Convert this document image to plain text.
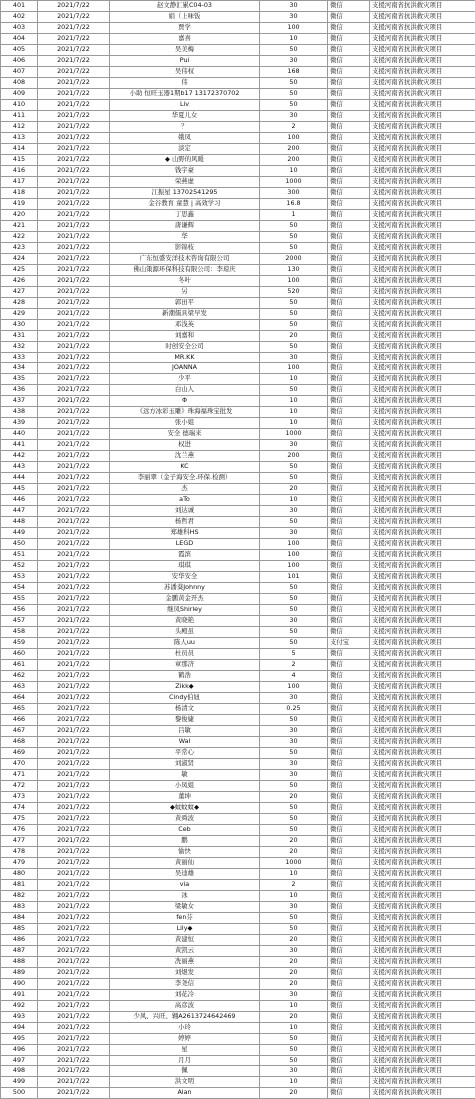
401	2021/7/22	赵文静汇累C04-03	30	微信	支援河南省抗洪救灾项目
402	2021/7/22	娟（上味钣	30	微信	支援河南省抗洪救灾项目
403	2021/7/22	贾学	100	微信	支援河南省抗洪救灾项目
404	2021/7/22	嘉喜	10	微信	支援河南省抗洪救灾项目
405	2021/7/22	吴美梅	50	微信	支援河南省抗洪救灾项目
406	2021/7/22	Pui	30	微信	支援河南省抗洪救灾项目
407	2021/7/22	吴伟权	168	微信	支援河南省抗洪救灾项目
408	2021/7/22	伟	50	微信	支援河南省抗洪救灾项目
409	2021/7/22	小助 恒旺玉器1期b17 13172370702	50	微信	支援河南省抗洪救灾项目
410	2021/7/22	Liv	50	微信	支援河南省抗洪救灾项目
411	2021/7/22	华夏儿女	30	微信	支援河南省抗洪救灾项目
412	2021/7/22	？	2	微信	支援河南省抗洪救灾项目
413	2021/7/22	娥凤	100	微信	支援河南省抗洪救灾项目
414	2021/7/22	淡定	200	微信	支援河南省抗洪救灾项目
415	2021/7/22	◆ 山野的风暖	200	微信	支援河南省抗洪救灾项目
416	2021/7/22	钱宇豪	10	微信	支援河南省抗洪救灾项目
417	2021/7/22	荣燕虚	1000	微信	支援河南省抗洪救灾项目
418	2021/7/22	江振星 13702541295	300	微信	支援河南省抗洪救灾项目
419	2021/7/22	金谷教育 童慧 | 高效学习	16.8	微信	支援河南省抗洪救灾项目
420	2021/7/22	丁思鑫	1	微信	支援河南省抗洪救灾项目
421	2021/7/22	唐谦辉	50	微信	支援河南省抗洪救灾项目
422	2021/7/22	华	50	微信	支援河南省抗洪救灾项目
423	2021/7/22	影锦枝	50	微信	支援河南省抗洪救灾项目
424	2021/7/22	广东恒盛安洋技术咨询有限公司	2000	微信	支援河南省抗洪救灾项目
425	2021/7/22	佛山策源环保科技有限公司：李琼庆	130	微信	支援河南省抗洪救灾项目
426	2021/7/22	冬叶	100	微信	支援河南省抗洪救灾项目
427	2021/7/22	另	520	微信	支援河南省抗洪救灾项目
428	2021/7/22	郭田平	50	微信	支援河南省抗洪救灾项目
429	2021/7/22	新潮儒具梁早发	50	微信	支援河南省抗洪救灾项目
430	2021/7/22	邓浅英	50	微信	支援河南省抗洪救灾项目
431	2021/7/22	刘嘉和	20	微信	支援河南省抗洪救灾项目
432	2021/7/22	时创安全公司	50	微信	支援河南省抗洪救灾项目
433	2021/7/22	MR.KK	30	微信	支援河南省抗洪救灾项目
434	2021/7/22	JOANNA	100	微信	支援河南省抗洪救灾项目
435	2021/7/22	少平	10	微信	支援河南省抗洪救灾项目
436	2021/7/22	白山人	50	微信	支援河南省抗洪救灾项目
437	2021/7/22	Φ	10	微信	支援河南省抗洪救灾项目
438	2021/7/22	《远方冰彩玉雕》珠海福珠宝批发	10	微信	支援河南省抗洪救灾项目
439	2021/7/22	张小姐	10	微信	支援河南省抗洪救灾项目
440	2021/7/22	安全 德瑞来	1000	微信	支援河南省抗洪救灾项目
441	2021/7/22	权进	30	微信	支援河南省抗洪救灾项目
442	2021/7/22	沈兰燕	200	微信	支援河南省抗洪救灾项目
443	2021/7/22	KC	50	微信	支援河南省抗洪救灾项目
444	2021/7/22	李丽翠（金子海安全.环保.检测）	50	微信	支援河南省抗洪救灾项目
445	2021/7/22	杰	20	微信	支援河南省抗洪救灾项目
446	2021/7/22	aTo	10	微信	支援河南省抗洪救灾项目
447	2021/7/22	刘达诚	30	微信	支援河南省抗洪救灾项目
448	2021/7/22	杨哲君	50	微信	支援河南省抗洪救灾项目
449	2021/7/22	郑雄科HS	30	微信	支援河南省抗洪救灾项目
450	2021/7/22	LEGD	100	微信	支援河南省抗洪救灾项目
451	2021/7/22	霞滨	100	微信	支援河南省抗洪救灾项目
452	2021/7/22	琪琪	100	微信	支援河南省抗洪救灾项目
453	2021/7/22	安华安全	101	微信	支援河南省抗洪救灾项目
454	2021/7/22	苏潘葵Johnny	50	微信	支援河南省抗洪救灾项目
455	2021/7/22	金鹏黄金开杰	50	微信	支援河南省抗洪救灾项目
456	2021/7/22	继凤Shirley	50	微信	支援河南省抗洪救灾项目
457	2021/7/22	黄晓艳	30	微信	支援河南省抗洪救灾项目
458	2021/7/22	头殿虽	50	微信	支援河南省抗洪救灾项目
459	2021/7/22	陈人uu	50	支付宝	支援河南省抗洪救灾项目
460	2021/7/22	杜员员	5	微信	支援河南省抗洪救灾项目
461	2021/7/22	章那济	2	微信	支援河南省抗洪救灾项目
462	2021/7/22	鹤浩	4	微信	支援河南省抗洪救灾项目
463	2021/7/22	Zikk◆	100	微信	支援河南省抗洪救灾项目
464	2021/7/22	Cindy伯妞	30	微信	支援河南省抗洪救灾项目
465	2021/7/22	杨清文	0.25	微信	支援河南省抗洪救灾项目
466	2021/7/22	黎俊婕	50	微信	支援河南省抗洪救灾项目
467	2021/7/22	吕敏	30	微信	支援河南省抗洪救灾项目
468	2021/7/22	Wal	30	微信	支援河南省抗洪救灾项目
469	2021/7/22	平常心	50	微信	支援河南省抗洪救灾项目
470	2021/7/22	刘淑贤	30	微信	支援河南省抗洪救灾项目
471	2021/7/22	敏	30	微信	支援河南省抗洪救灾项目
472	2021/7/22	小凤姐	50	微信	支援河南省抗洪救灾项目
473	2021/7/22	董坤	20	微信	支援河南省抗洪救灾项目
474	2021/7/22	◆蚊蚊蚊◆	50	微信	支援河南省抗洪救灾项目
475	2021/7/22	黄舜波	50	微信	支援河南省抗洪救灾项目
476	2021/7/22	Ceb	50	微信	支援河南省抗洪救灾项目
477	2021/7/22	鹏	20	微信	支援河南省抗洪救灾项目
478	2021/7/22	愉快	20	微信	支援河南省抗洪救灾项目
479	2021/7/22	黄丽仙	1000	微信	支援河南省抗洪救灾项目
480	2021/7/22	吴逵雄	10	微信	支援河南省抗洪救灾项目
481	2021/7/22	via	2	微信	支援河南省抗洪救灾项目
482	2021/7/22	冰	10	微信	支援河南省抗洪救灾项目
483	2021/7/22	梁敏女	30	微信	支援河南省抗洪救灾项目
484	2021/7/22	fen芬	50	微信	支援河南省抗洪救灾项目
485	2021/7/22	Lily◆	50	微信	支援河南省抗洪救灾项目
486	2021/7/22	黄建恒	20	微信	支援河南省抗洪救灾项目
487	2021/7/22	黄凯云	30	微信	支援河南省抗洪救灾项目
488	2021/7/22	冼丽燕	20	微信	支援河南省抗洪救灾项目
489	2021/7/22	刘煜发	20	微信	支援河南省抗洪救灾项目
490	2021/7/22	李尧信	20	微信	支援河南省抗洪救灾项目
491	2021/7/22	刘花冷	30	微信	支援河南省抗洪救灾项目
492	2021/7/22	高彦波	10	微信	支援河南省抗洪救灾项目
493	2021/7/22	少风、兴旺、翱A2613724642469	20	微信	支援河南省抗洪救灾项目
494	2021/7/22	小玲	10	微信	支援河南省抗洪救灾项目
495	2021/7/22	婷婷	50	微信	支援河南省抗洪救灾项目
496	2021/7/22	星	50	微信	支援河南省抗洪救灾项目
497	2021/7/22	月月	50	微信	支援河南省抗洪救灾项目
498	2021/7/22	佩	30	微信	支援河南省抗洪救灾项目
499	2021/7/22	洪文明	10	微信	支援河南省抗洪救灾项目
500	2021/7/22	Alan	20	微信	支援河南省抗洪救灾项目
